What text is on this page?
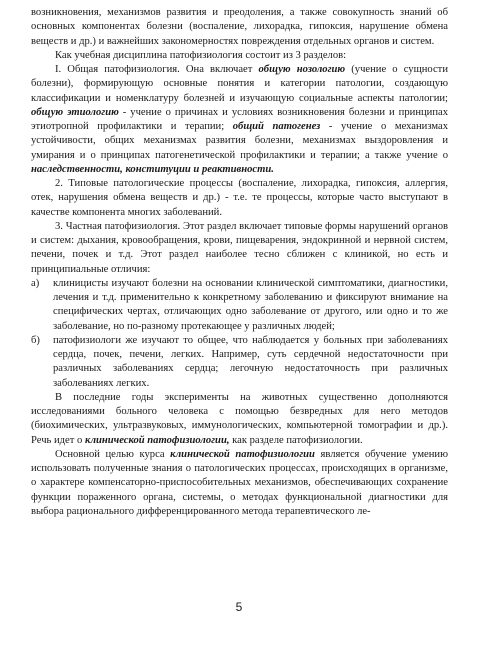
возникновения, механизмов развития и преодоления, а также совокупность знаний об основных компонентах болезни (воспаление, лихорадка, гипоксия, нарушение обмена веществ и др.) и важнейших закономерностях повреждения отдельных органов и систем.

Как учебная дисциплина патофизиология состоит из 3 разделов:

I. Общая патофизиология. Она включает общую нозологию (учение о сущности болезни), формирующую основные понятия и категории патологии, создающую классификации и номенклатуру болезней и изучающую социальные аспекты патологии; общую этиологию - учение о причинах и условиях возникновения болезни и принципах этиотропной профилактики и терапии; общий патогенез - учение о механизмах устойчивости, общих механизмах развития болезни, механизмах выздоровления и умирания и о принципах патогенетической профилактики и терапии; а также учение о наследственности, конституции и реактивности.

2. Типовые патологические процессы (воспаление, лихорадка, гипоксия, аллергия, отек, нарушения обмена веществ и др.) - т.е. те процессы, которые часто выступают в качестве компонента многих заболеваний.

3. Частная патофизиология. Этот раздел включает типовые формы нарушений органов и систем: дыхания, кровообращения, крови, пищеварения, эндокринной и нервной систем, печени, почек и т.д. Этот раздел наиболее тесно сближен с клиникой, но есть и принципиальные отличия:

а)	клиницисты изучают болезни на основании клинической симптоматики, диагностики, лечения и т.д. применительно к конкретному заболеванию и фиксируют внимание на специфических чертах, отличающих одно заболевание от другого, или одно и то же заболевание, но по-разному протекающее у различных людей;
б)	патофизиологи же изучают то общее, что наблюдается у больных при заболеваниях сердца, почек, печени, легких. Например, суть сердечной недостаточности при различных заболеваниях сердца; легочную недостаточность при различных заболеваниях легких.

В последние годы эксперименты на животных существенно дополняются исследованиями больного человека с помощью безвредных для него методов (биохимических, ультразвуковых, иммунологических, компьютерной томографии и др.). Речь идет о клинической патофизиологии, как разделе патофизиологии.

Основной целью курса клинической патофизиологии является обучение умению использовать полученные знания о патологических процессах, происходящих в организме, о характере компенсаторно-приспособительных механизмов, обеспечивающих сохранение функции пораженного органа, системы, о методах функциональной диагностики для выбора рационального дифференцированного метода терапевтического ле-

5
